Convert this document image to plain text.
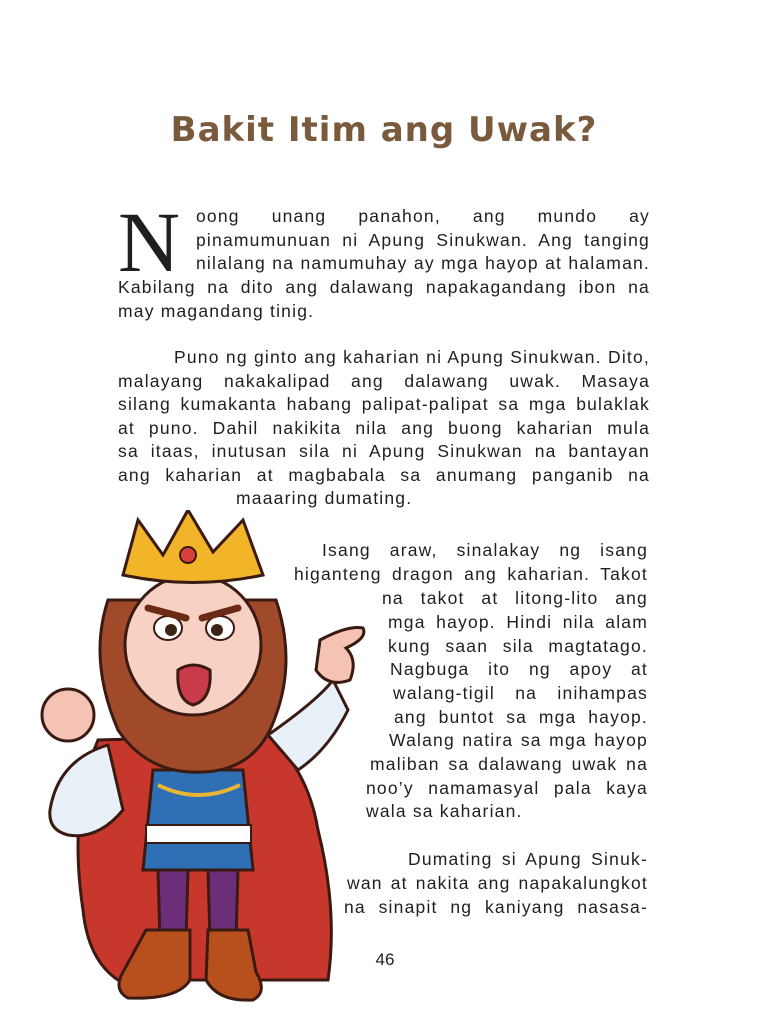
Bakit Itim ang Uwak?
N oong unang panahon, ang mundo ay
pinamumunuan ni Apung Sinukwan. Ang tanging
nilalang na namumuhay ay mga hayop at halaman.
Kabilang na dito ang dalawang napakagandang ibon na
may magandang tinig.
Puno ng ginto ang kaharian ni Apung Sinukwan. Dito,
malayang nakakalipad ang dalawang uwak. Masaya
silang kumakanta habang palipat-palipat sa mga bulaklak
at puno. Dahil nakikita nila ang buong kaharian mula
sa itaas, inutusan sila ni Apung Sinukwan na bantayan
ang kaharian at magbabala sa anumang panganib na
maaaring dumating.
Isang araw, sinalakay ng isang
higanteng dragon ang kaharian. Takot
na takot at litong-lito ang
mga hayop. Hindi nila alam
kung saan sila magtatago.
Nagbuga ito ng apoy at
walang-tigil na inihampas
ang buntot sa mga hayop.
Walang natira sa mga hayop
maliban sa dalawang uwak na
noo’y namamasyal pala kaya
wala sa kaharian.
Dumating si Apung Sinuk-
wan at nakita ang napakalungkot
na sinapit ng kaniyang nasasa-
46
